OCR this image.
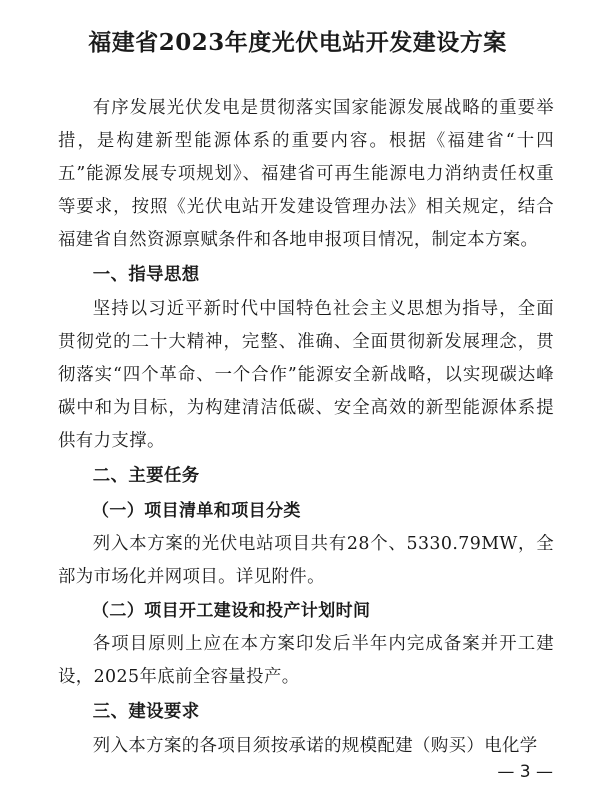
福建省2023年度光伏电站开发建设方案

有序发展光伏发电是贯彻落实国家能源发展战略的重要举措，是构建新型能源体系的重要内容。根据《福建省“十四五”能源发展专项规划》、福建省可再生能源电力消纳责任权重等要求，按照《光伏电站开发建设管理办法》相关规定，结合福建省自然资源禀赋条件和各地申报项目情况，制定本方案。

一、指导思想

坚持以习近平新时代中国特色社会主义思想为指导，全面贯彻党的二十大精神，完整、准确、全面贯彻新发展理念，贯彻落实“四个革命、一个合作”能源安全新战略，以实现碳达峰碳中和为目标，为构建清洁低碳、安全高效的新型能源体系提供有力支撑。

二、主要任务
（一）项目清单和项目分类

列入本方案的光伏电站项目共有28个、5330.79MW，全部为市场化并网项目。详见附件。

（二）项目开工建设和投产计划时间

各项目原则上应在本方案印发后半年内完成备案并开工建设，2025年底前全容量投产。

三、建设要求

列入本方案的各项目须按承诺的规模配建（购买）电化学

— 3 —
